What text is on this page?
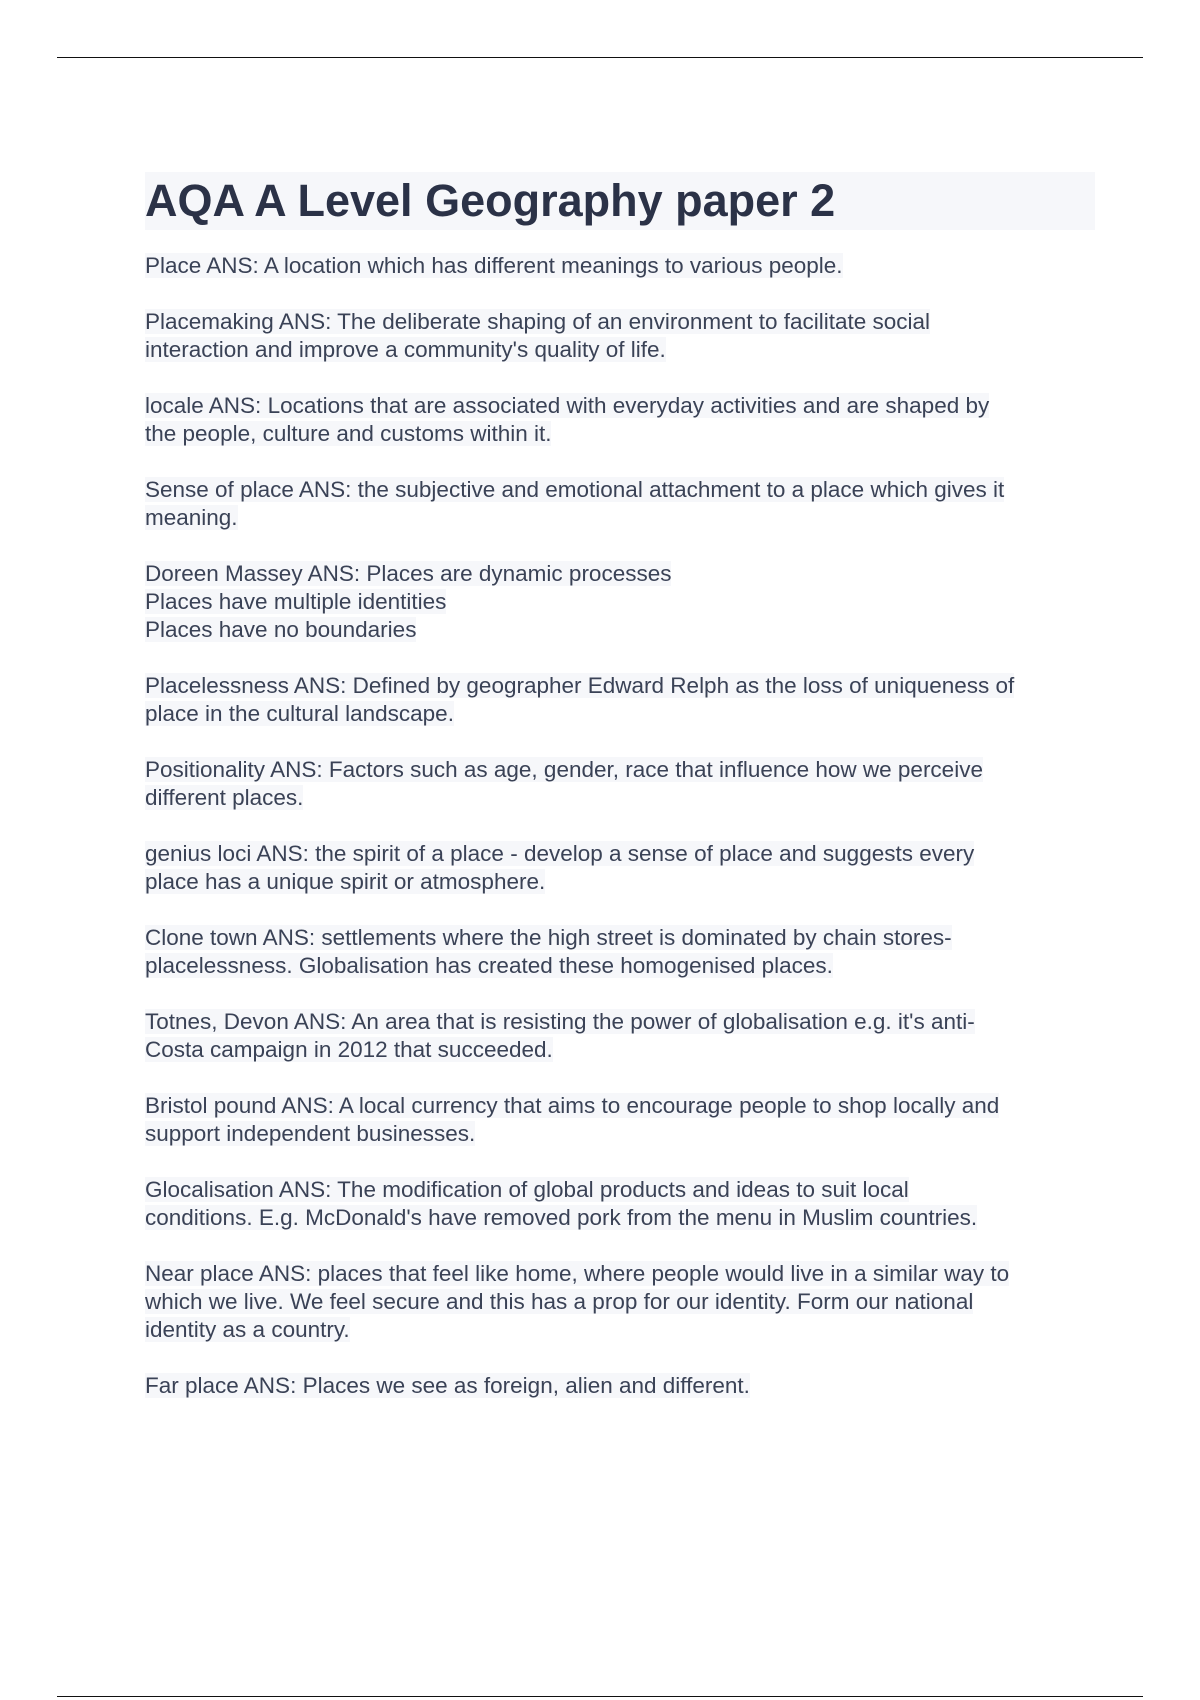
AQA A Level Geography paper 2
Place ANS: A location which has different meanings to various people.
Placemaking ANS: The deliberate shaping of an environment to facilitate social
interaction and improve a community's quality of life.
locale ANS: Locations that are associated with everyday activities and are shaped by
the people, culture and customs within it.
Sense of place ANS: the subjective and emotional attachment to a place which gives it
meaning.
Doreen Massey ANS: Places are dynamic processes
Places have multiple identities
Places have no boundaries
Placelessness ANS: Defined by geographer Edward Relph as the loss of uniqueness of
place in the cultural landscape.
Positionality ANS: Factors such as age, gender, race that influence how we perceive
different places.
genius loci ANS: the spirit of a place - develop a sense of place and suggests every
place has a unique spirit or atmosphere.
Clone town ANS: settlements where the high street is dominated by chain stores-
placelessness. Globalisation has created these homogenised places.
Totnes, Devon ANS: An area that is resisting the power of globalisation e.g. it's anti-
Costa campaign in 2012 that succeeded.
Bristol pound ANS: A local currency that aims to encourage people to shop locally and
support independent businesses.
Glocalisation ANS: The modification of global products and ideas to suit local
conditions. E.g. McDonald's have removed pork from the menu in Muslim countries.
Near place ANS: places that feel like home, where people would live in a similar way to
which we live. We feel secure and this has a prop for our identity. Form our national
identity as a country.
Far place ANS: Places we see as foreign, alien and different.
